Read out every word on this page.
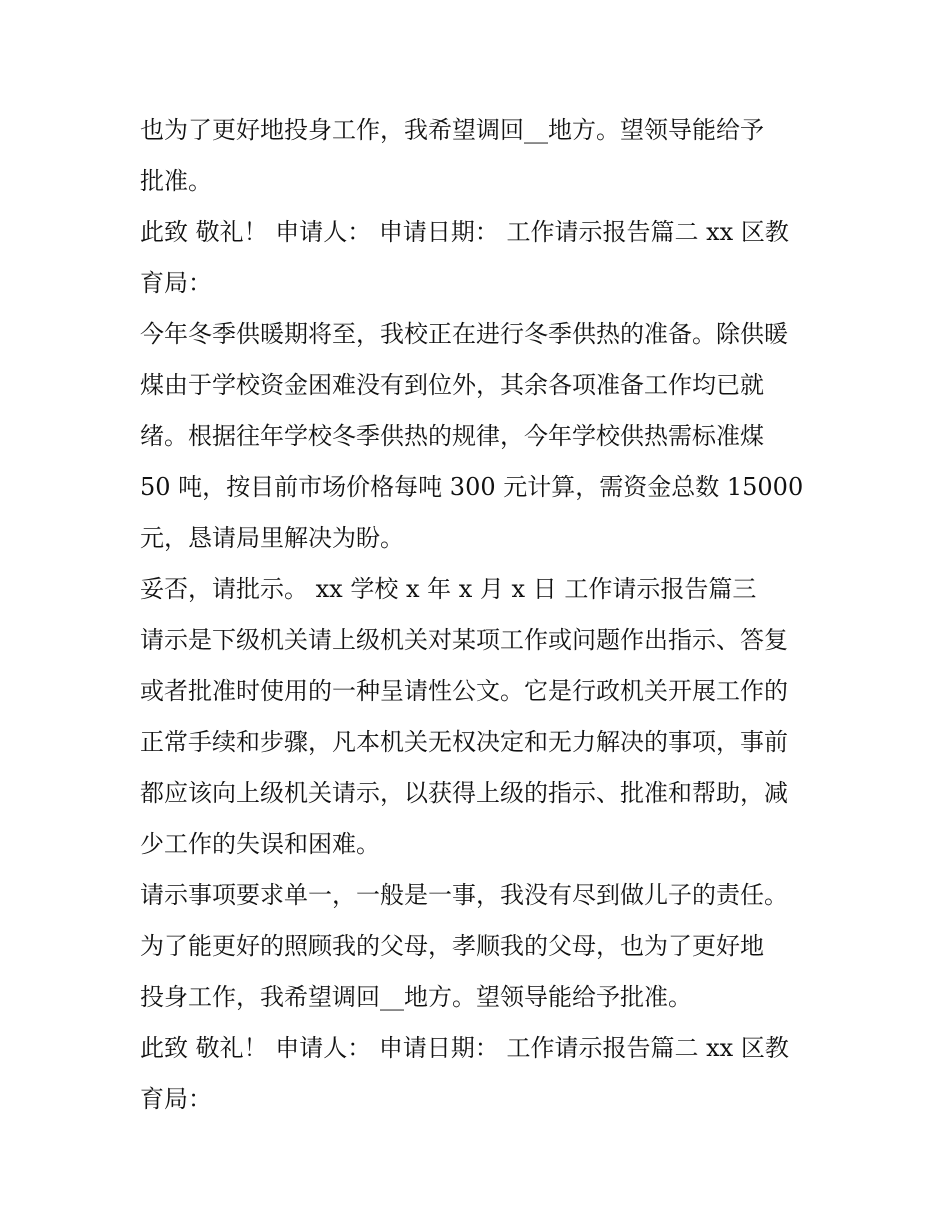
也为了更好地投身工作，我希望调回__地方。望领导能给予

批准。

此致 敬礼！ 申请人： 申请日期： 工作请示报告篇二 xx 区教

育局：

今年冬季供暖期将至，我校正在进行冬季供热的准备。除供暖

煤由于学校资金困难没有到位外，其余各项准备工作均已就

绪。根据往年学校冬季供热的规律，今年学校供热需标准煤

50 吨，按目前市场价格每吨 300 元计算，需资金总数 15000

元，恳请局里解决为盼。

妥否，请批示。 xx 学校 x 年 x 月 x 日 工作请示报告篇三

请示是下级机关请上级机关对某项工作或问题作出指示、答复

或者批准时使用的一种呈请性公文。它是行政机关开展工作的

正常手续和步骤，凡本机关无权决定和无力解决的事项，事前

都应该向上级机关请示，以获得上级的指示、批准和帮助，减

少工作的失误和困难。

请示事项要求单一，一般是一事，我没有尽到做儿子的责任。

为了能更好的照顾我的父母，孝顺我的父母，也为了更好地

投身工作，我希望调回__地方。望领导能给予批准。

此致 敬礼！ 申请人： 申请日期： 工作请示报告篇二 xx 区教

育局：
